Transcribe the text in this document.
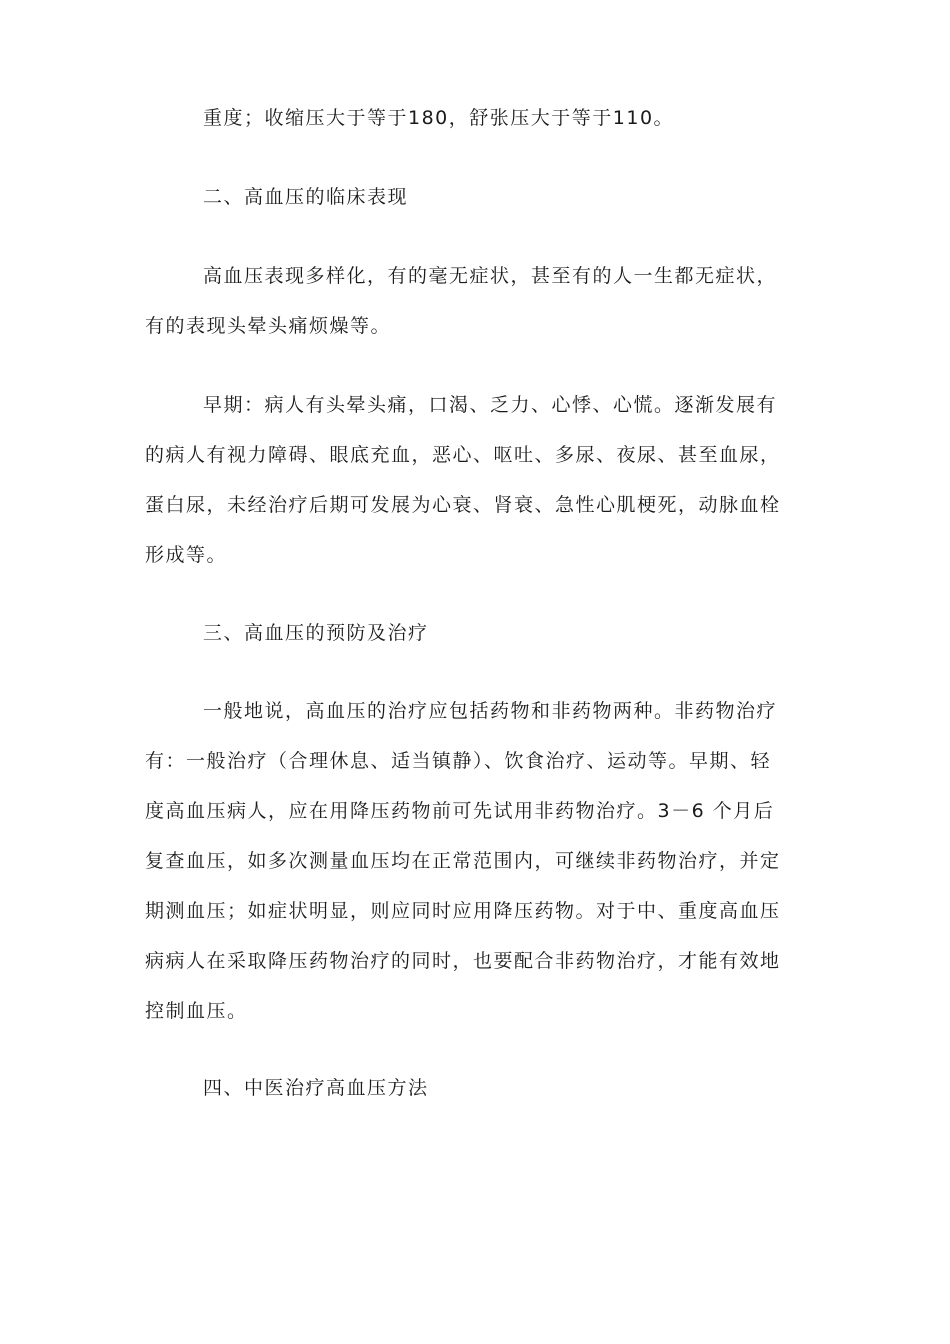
重度；收缩压大于等于180，舒张压大于等于110。

二、高血压的临床表现

高血压表现多样化，有的毫无症状，甚至有的人一生都无症状，
有的表现头晕头痛烦燥等。

早期：病人有头晕头痛，口渴、乏力、心悸、心慌。逐渐发展有
的病人有视力障碍、眼底充血，恶心、呕吐、多尿、夜尿、甚至血尿，
蛋白尿，未经治疗后期可发展为心衰、肾衰、急性心肌梗死，动脉血栓
形成等。

三、高血压的预防及治疗

一般地说，高血压的治疗应包括药物和非药物两种。非药物治疗
有：一般治疗（合理休息、适当镇静）、饮食治疗、运动等。早期、轻
度高血压病人，应在用降压药物前可先试用非药物治疗。3－6 个月后
复查血压，如多次测量血压均在正常范围内，可继续非药物治疗，并定
期测血压；如症状明显，则应同时应用降压药物。对于中、重度高血压
病病人在采取降压药物治疗的同时，也要配合非药物治疗，才能有效地
控制血压。

四、中医治疗高血压方法
